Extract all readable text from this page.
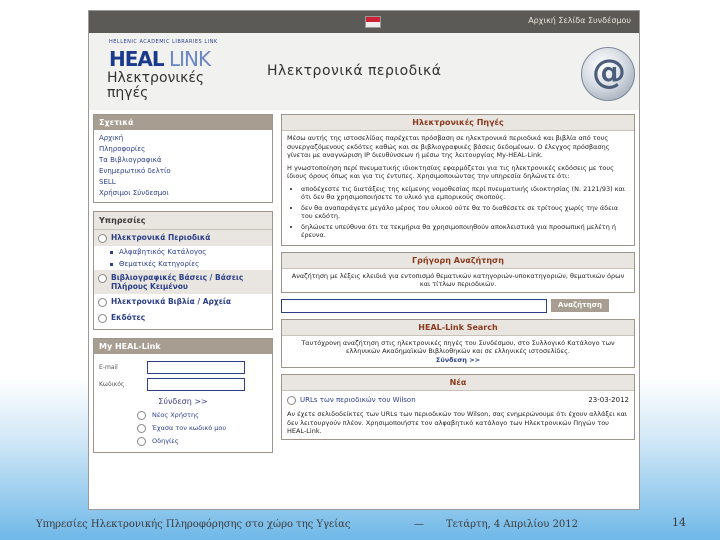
Αρχική Σελίδα Συνδέσμου
HELLENIC ACADEMIC LIBRARIES LINK
HEAL LINK
Ηλεκτρονικές πηγές
Ηλεκτρονικά περιοδικά	@
Σχετικά
Αρχική
Πληροφορίες
Τα Βιβλιογραφικά
Ενημερωτικό δελτίο
SELL
Χρήσιμοι Σύνδεσμοι
Υπηρεσίες
Ηλεκτρονικά Περιοδικά
Αλφαβητικός Κατάλογος
Θεματικές Κατηγορίες
Βιβλιογραφικές Βάσεις / Βάσεις Πλήρους Κειμένου
Ηλεκτρονικά Βιβλία / Αρχεία
Εκδότες
My HEAL-Link
E-mail
Κωδικός
Σύνδεση >>
Νέος Χρήστης
Έχασα τον κωδικό μου
Οδηγίες
Ηλεκτρονικές Πηγές

Μέσω αυτής της ιστοσελίδας παρέχεται πρόσβαση σε ηλεκτρονικά περιοδικά και βιβλία από τους συνεργαζόμενους εκδότες καθώς και σε βιβλιογραφικές βάσεις δεδομένων. Ο έλεγχος πρόσβασης γίνεται με αναγνώριση IP διευθύνσεων ή μέσω της λειτουργίας My-HEAL-Link.

Η γνωστοποίηση περί πνευματικής ιδιοκτησίας εφαρμόζεται για τις ηλεκτρονικές εκδόσεις με τους ίδιους όρους όπως και για τις έντυπες. Χρησιμοποιώντας την υπηρεσία δηλώνετε ότι:

• αποδέχεστε τις διατάξεις της κείμενης νομοθεσίας περί πνευματικής ιδιοκτησίας (Ν. 2121/93) και ότι δεν θα χρησιμοποιήσετε το υλικό για εμπορικούς σκοπούς.
• δεν θα αναπαράγετε μεγάλο μέρος του υλικού ούτε θα το διαθέσετε σε τρίτους χωρίς την άδεια του εκδότη.
• δηλώνετε υπεύθυνα ότι τα τεκμήρια θα χρησιμοποιηθούν αποκλειστικά για προσωπική μελέτη ή έρευνα.
Γρήγορη Αναζήτηση
Αναζήτηση με λέξεις κλειδιά για εντοπισμό θεματικών κατηγοριών-υποκατηγοριών, θεματικών όρων και τίτλων περιοδικών.
Αναζήτηση
HEAL-Link Search
Ταυτόχρονη αναζήτηση στις ηλεκτρονικές πηγές του Συνδέσμου, στο Συλλογικό Κατάλογο των ελληνικών Ακαδημαϊκών Βιβλιοθηκών και σε ελληνικές ιστοσελίδες.
Σύνδεση >>
Νέα
URLs των περιοδικών του Wilson	23-03-2012
Αν έχετε σελιδοδείκτες των URLs των περιοδικών του Wilson, σας ενημερώνουμε ότι έχουν αλλάξει και δεν λειτουργούν πλέον. Χρησιμοποιήστε τον αλφαβητικό κατάλογο των Ηλεκτρονικών Πηγών του HEAL-Link.
Υπηρεσίες Ηλεκτρονικής Πληροφόρησης στο χώρο της Υγείας	— Τετάρτη, 4 Απριλίου 2012	14
